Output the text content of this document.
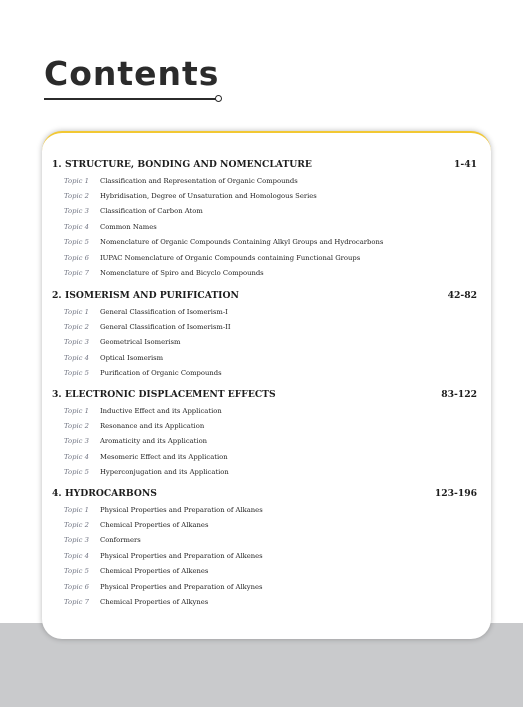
Contents
1. STRUCTURE, BONDING AND NOMENCLATURE	1-41
Topic 1	Classification and Representation of Organic Compounds
Topic 2	Hybridisation, Degree of Unsaturation and Homologous Series
Topic 3	Classification of Carbon Atom
Topic 4	Common Names
Topic 5	Nomenclature of Organic Compounds Containing Alkyl Groups and Hydrocarbons
Topic 6	IUPAC Nomenclature of Organic Compounds containing Functional Groups
Topic 7	Nomenclature of Spiro and Bicyclo Compounds
2. ISOMERISM AND PURIFICATION	42-82
Topic 1	General Classification of Isomerism-I
Topic 2	General Classification of Isomerism-II
Topic 3	Geometrical Isomerism
Topic 4	Optical Isomerism
Topic 5	Purification of Organic Compounds
3. ELECTRONIC DISPLACEMENT EFFECTS	83-122
Topic 1	Inductive Effect and its Application
Topic 2	Resonance and its Application
Topic 3	Aromaticity and its Application
Topic 4	Mesomeric Effect and its Application
Topic 5	Hyperconjugation and its Application
4. HYDROCARBONS	123-196
Topic 1	Physical Properties and Preparation of Alkanes
Topic 2	Chemical Properties of Alkanes
Topic 3	Conformers
Topic 4	Physical Properties and Preparation of Alkenes
Topic 5	Chemical Properties of Alkenes
Topic 6	Physical Properties and Preparation of Alkynes
Topic 7	Chemical Properties of Alkynes
